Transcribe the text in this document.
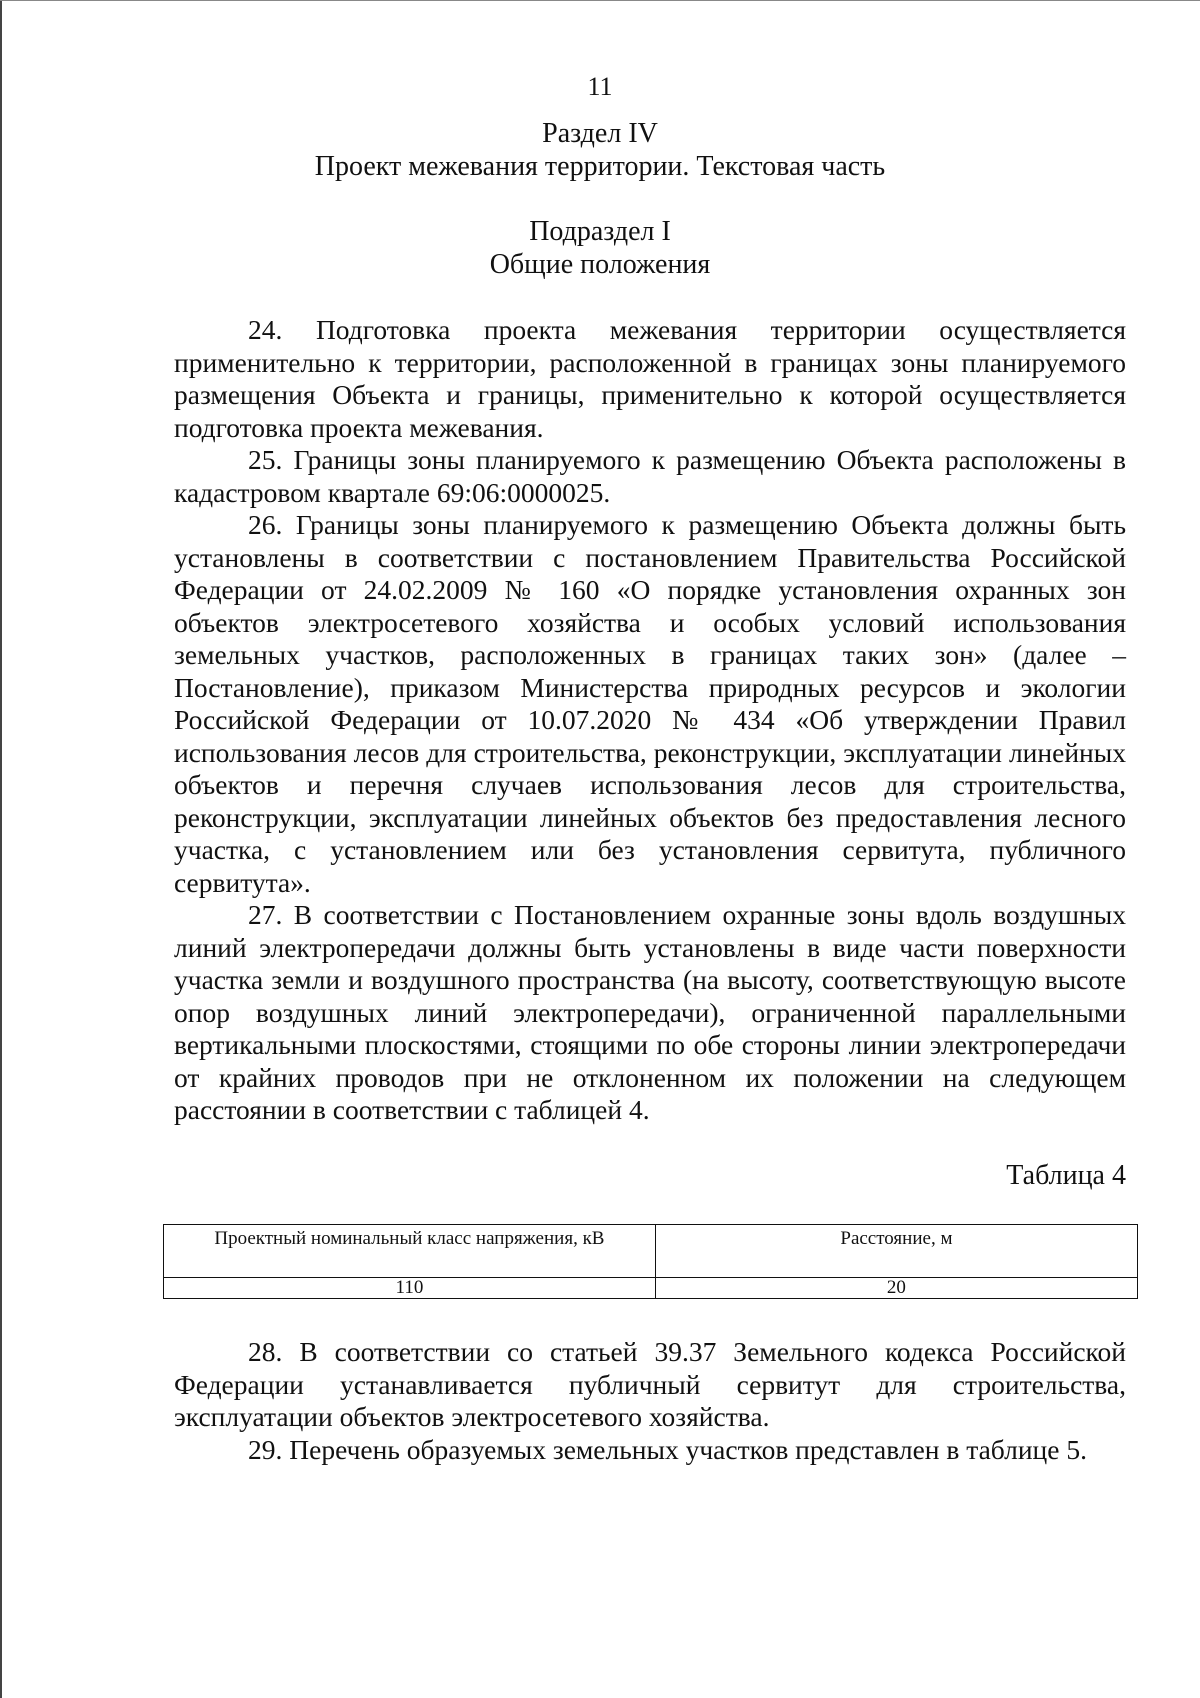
11
Раздел IV
Проект межевания территории. Текстовая часть
Подраздел I
Общие положения

24. Подготовка проекта межевания территории осуществляется применительно к территории, расположенной в границах зоны планируемого размещения Объекта и границы, применительно к которой осуществляется подготовка проекта межевания.

25. Границы зоны планируемого к размещению Объекта расположены в кадастровом квартале 69:06:0000025.

26. Границы зоны планируемого к размещению Объекта должны быть установлены в соответствии с постановлением Правительства Российской Федерации от 24.02.2009 № 160 «О порядке установления охранных зон объектов электросетевого хозяйства и особых условий использования земельных участков, расположенных в границах таких зон» (далее – Постановление), приказом Министерства природных ресурсов и экологии Российской Федерации от 10.07.2020 № 434 «Об утверждении Правил использования лесов для строительства, реконструкции, эксплуатации линейных объектов и перечня случаев использования лесов для строительства, реконструкции, эксплуатации линейных объектов без предоставления лесного участка, с установлением или без установления сервитута, публичного сервитута».

27. В соответствии с Постановлением охранные зоны вдоль воздушных линий электропередачи должны быть установлены в виде части поверхности участка земли и воздушного пространства (на высоту, соответствующую высоте опор воздушных линий электропередачи), ограниченной параллельными вертикальными плоскостями, стоящими по обе стороны линии электропередачи от крайних проводов при не отклоненном их положении на следующем расстоянии в соответствии с таблицей 4.

Таблица 4
Проектный номинальный класс напряжения, кВ	Расстояние, м
110	20

28. В соответствии со статьей 39.37 Земельного кодекса Российской Федерации устанавливается публичный сервитут для строительства, эксплуатации объектов электросетевого хозяйства.

29. Перечень образуемых земельных участков представлен в таблице 5.
